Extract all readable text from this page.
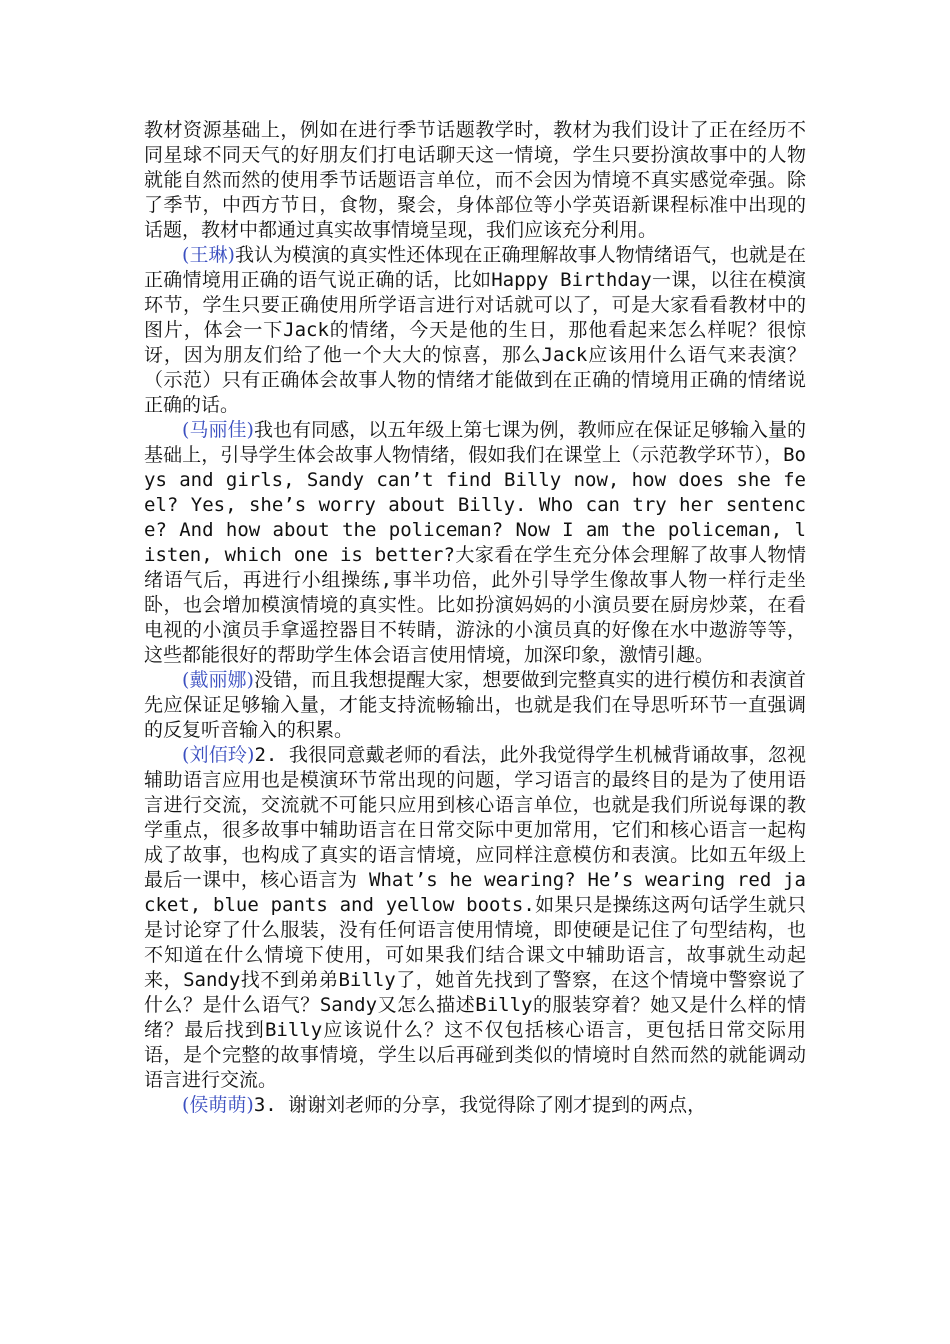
教材资源基础上，例如在进行季节话题教学时，教材为我们设计了正在经历不同星球不同天气的好朋友们打电话聊天这一情境，学生只要扮演故事中的人物就能自然而然的使用季节话题语言单位，而不会因为情境不真实感觉牵强。除了季节，中西方节日，食物，聚会，身体部位等小学英语新课程标准中出现的话题，教材中都通过真实故事情境呈现，我们应该充分利用。

(王琳)我认为模演的真实性还体现在正确理解故事人物情绪语气，也就是在正确情境用正确的语气说正确的话，比如Happy Birthday一课，以往在模演环节，学生只要正确使用所学语言进行对话就可以了，可是大家看看教材中的图片，体会一下Jack的情绪，今天是他的生日，那他看起来怎么样呢？很惊讶，因为朋友们给了他一个大大的惊喜，那么Jack应该用什么语气来表演？（示范）只有正确体会故事人物的情绪才能做到在正确的情境用正确的情绪说正确的话。

(马丽佳)我也有同感，以五年级上第七课为例，教师应在保证足够输入量的基础上，引导学生体会故事人物情绪，假如我们在课堂上（示范教学环节），Boys and girls, Sandy can’t find Billy now, how does she feel? Yes, she’s worry about Billy. Who can try her sentence? And how about the policeman? Now I am the policeman, listen, which one is better?大家看在学生充分体会理解了故事人物情绪语气后，再进行小组操练,事半功倍，此外引导学生像故事人物一样行走坐卧，也会增加模演情境的真实性。比如扮演妈妈的小演员要在厨房炒菜，在看电视的小演员手拿遥控器目不转睛，游泳的小演员真的好像在水中遨游等等，这些都能很好的帮助学生体会语言使用情境，加深印象，激情引趣。

(戴丽娜)没错，而且我想提醒大家，想要做到完整真实的进行模仿和表演首先应保证足够输入量，才能支持流畅输出，也就是我们在导思听环节一直强调的反复听音输入的积累。

(刘佰玲)2. 我很同意戴老师的看法，此外我觉得学生机械背诵故事，忽视辅助语言应用也是模演环节常出现的问题，学习语言的最终目的是为了使用语言进行交流，交流就不可能只应用到核心语言单位，也就是我们所说每课的教学重点，很多故事中辅助语言在日常交际中更加常用，它们和核心语言一起构成了故事，也构成了真实的语言情境，应同样注意模仿和表演。比如五年级上最后一课中，核心语言为 What’s he wearing? He’s wearing red jacket, blue pants and yellow boots.如果只是操练这两句话学生就只是讨论穿了什么服装，没有任何语言使用情境，即使硬是记住了句型结构，也不知道在什么情境下使用，可如果我们结合课文中辅助语言，故事就生动起来，Sandy找不到弟弟Billy了，她首先找到了警察，在这个情境中警察说了什么？是什么语气？Sandy又怎么描述Billy的服装穿着？她又是什么样的情绪？最后找到Billy应该说什么？这不仅包括核心语言，更包括日常交际用语，是个完整的故事情境，学生以后再碰到类似的情境时自然而然的就能调动语言进行交流。

(侯萌萌)3. 谢谢刘老师的分享，我觉得除了刚才提到的两点，
